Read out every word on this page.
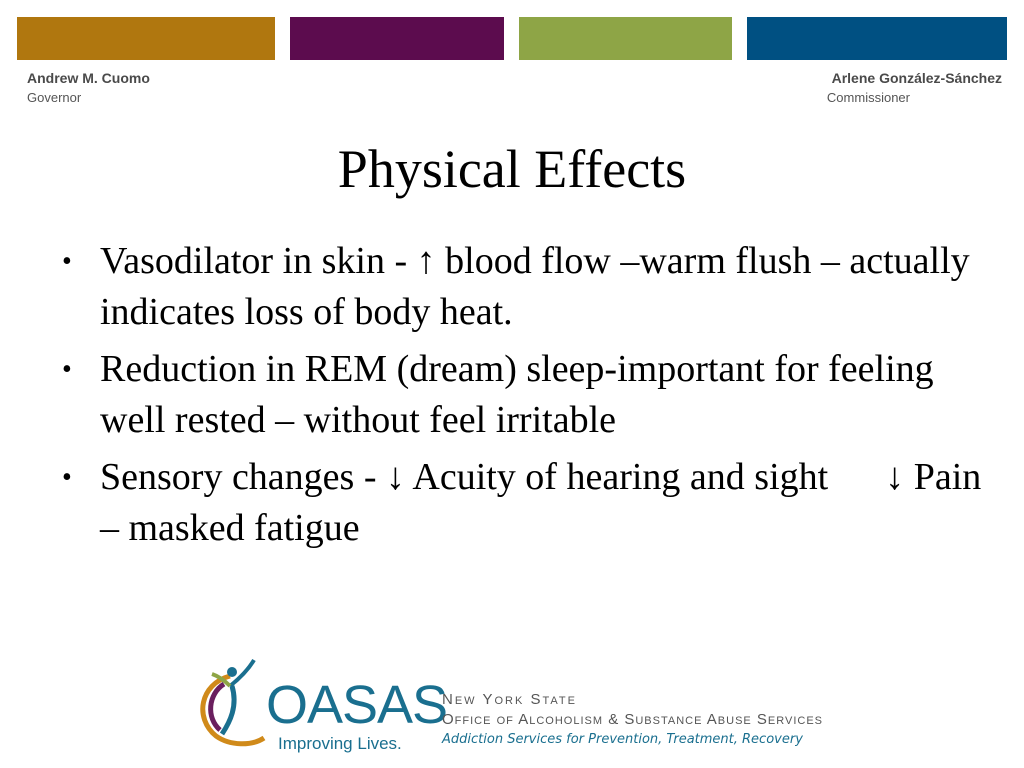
Andrew M. Cuomo
Governor
Arlene González-Sánchez
Commissioner
Physical Effects
• Vasodilator in skin - ↑ blood flow –warm flush – actually indicates loss of body heat.
• Reduction in REM (dream) sleep-important for feeling well rested – without feel irritable
• Sensory changes - ↓ Acuity of hearing and sight      ↓ Pain – masked fatigue
OASAS
Improving Lives.
New York State
Office of Alcoholism & Substance Abuse Services
Addiction Services for Prevention, Treatment, Recovery
